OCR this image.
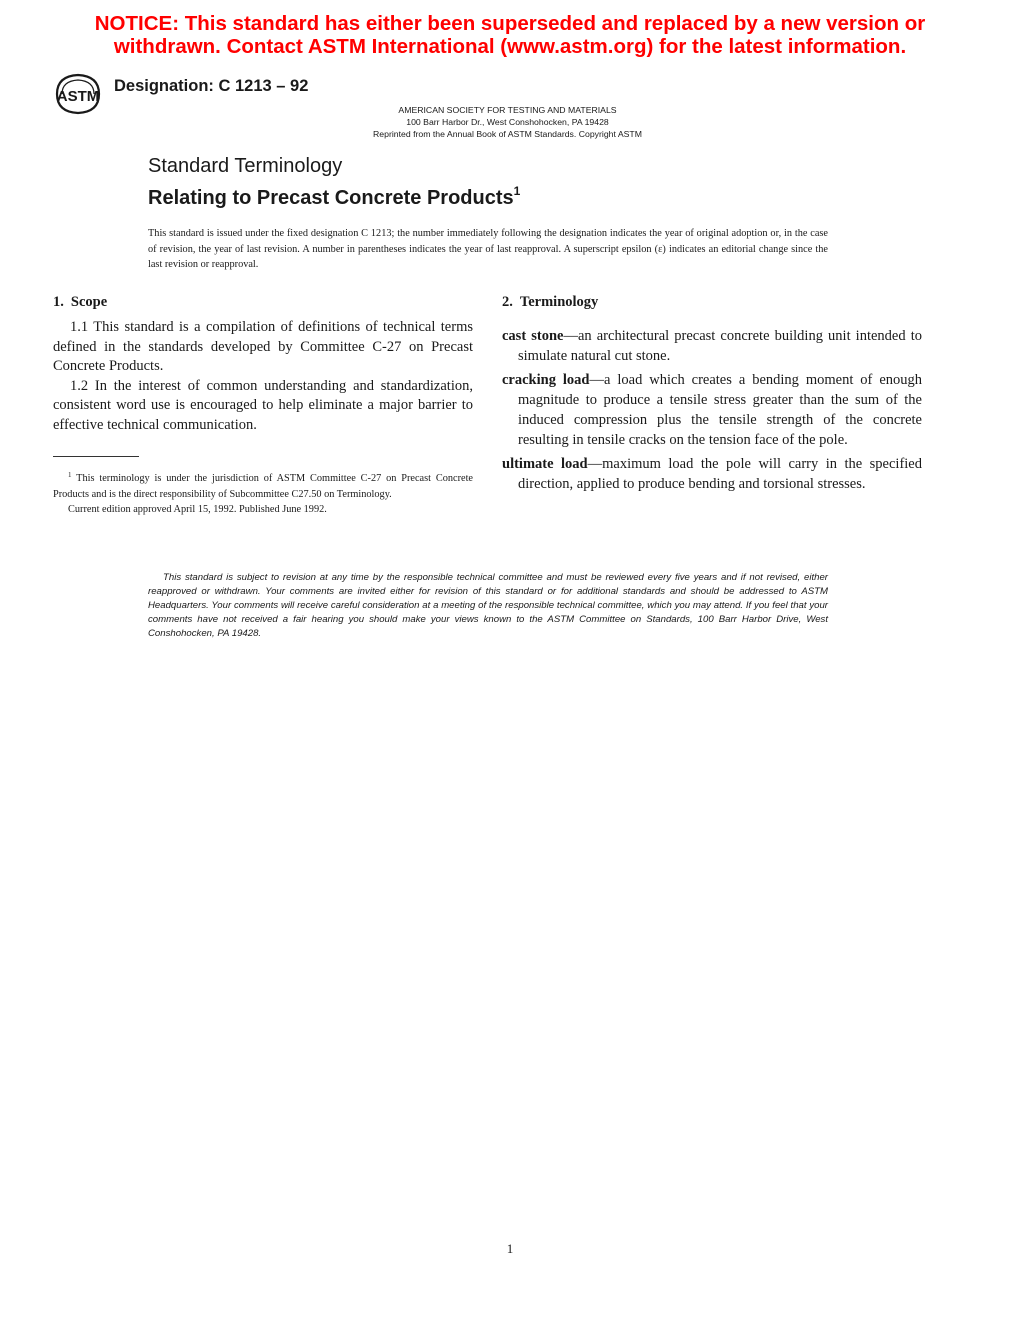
NOTICE: This standard has either been superseded and replaced by a new version or
withdrawn. Contact ASTM International (www.astm.org) for the latest information.
ASTM
Designation: C 1213 – 92
AMERICAN SOCIETY FOR TESTING AND MATERIALS
100 Barr Harbor Dr., West Conshohocken, PA 19428
Reprinted from the Annual Book of ASTM Standards. Copyright ASTM
Standard Terminology
Relating to Precast Concrete Products$^1$
This standard is issued under the fixed designation C 1213; the number immediately following the designation indicates the year of original adoption or, in the case of revision, the year of last revision. A number in parentheses indicates the year of last reapproval. A superscript epsilon (ε) indicates an editorial change since the last revision or reapproval.
1. Scope

1.1 This standard is a compilation of definitions of technical terms defined in the standards developed by Committee C-27 on Precast Concrete Products.

1.2 In the interest of common understanding and standardization, consistent word use is encouraged to help eliminate a major barrier to effective technical communication.

$^1$ This terminology is under the jurisdiction of ASTM Committee C-27 on Precast Concrete Products and is the direct responsibility of Subcommittee C27.50 on Terminology.

Current edition approved April 15, 1992. Published June 1992.

2. Terminology

cast stone—an architectural precast concrete building unit intended to simulate natural cut stone.

cracking load—a load which creates a bending moment of enough magnitude to produce a tensile stress greater than the sum of the induced compression plus the tensile strength of the concrete resulting in tensile cracks on the tension face of the pole.

ultimate load—maximum load the pole will carry in the specified direction, applied to produce bending and torsional stresses.

This standard is subject to revision at any time by the responsible technical committee and must be reviewed every five years and if not revised, either reapproved or withdrawn. Your comments are invited either for revision of this standard or for additional standards and should be addressed to ASTM Headquarters. Your comments will receive careful consideration at a meeting of the responsible technical committee, which you may attend. If you feel that your comments have not received a fair hearing you should make your views known to the ASTM Committee on Standards, 100 Barr Harbor Drive, West Conshohocken, PA 19428.
1
